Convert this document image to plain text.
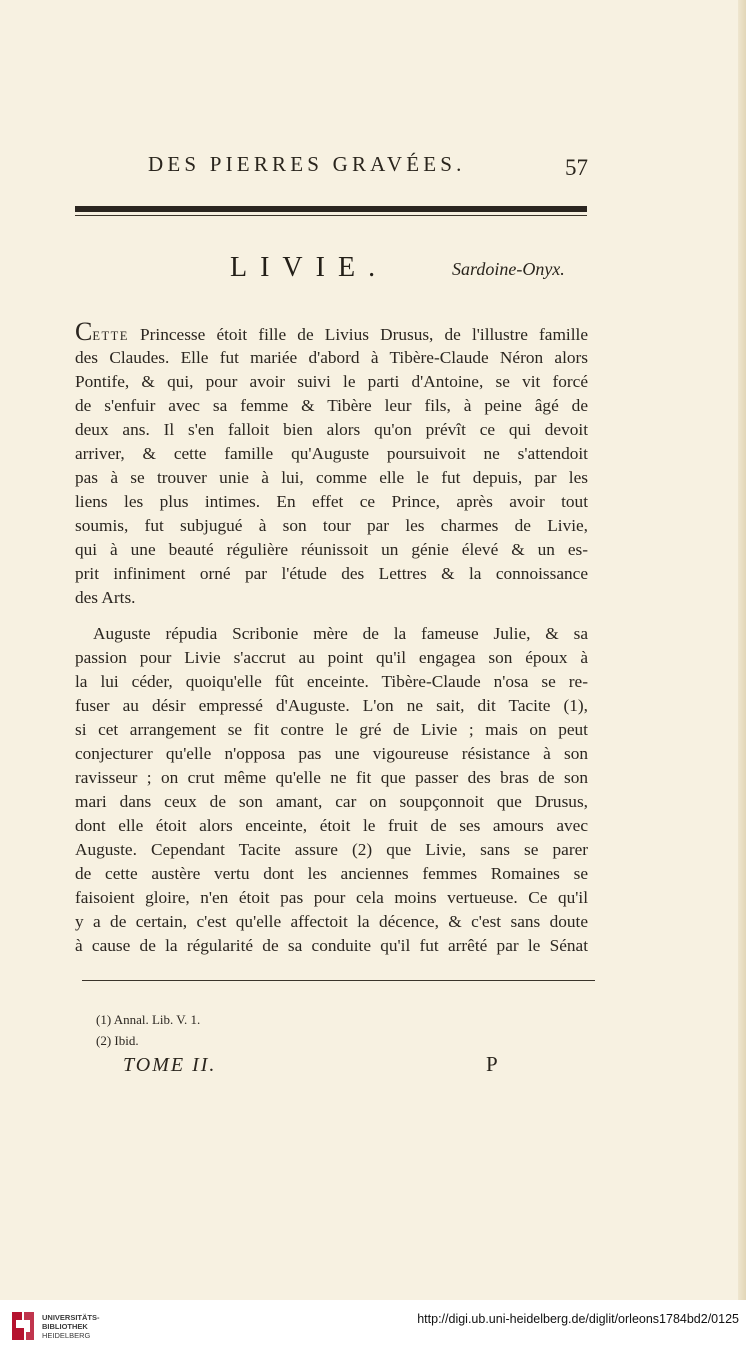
DES PIERRES GRAVÉES.	57
LIVIE.	Sardoine-Onyx.
CETTE Princesse étoit fille de Livius Drusus, de l'illustre famille
des Claudes. Elle fut mariée d'abord à Tibère-Claude Néron alors
Pontife, & qui, pour avoir suivi le parti d'Antoine, se vit forcé
de s'enfuir avec sa femme & Tibère leur fils, à peine âgé de
deux ans. Il s'en falloit bien alors qu'on prévît ce qui devoit
arriver, & cette famille qu'Auguste poursuivoit ne s'attendoit
pas à se trouver unie à lui, comme elle le fut depuis, par les
liens les plus intimes. En effet ce Prince, après avoir tout
soumis, fut subjugué à son tour par les charmes de Livie,
qui à une beauté régulière réunissoit un génie élevé & un es-
prit infiniment orné par l'étude des Lettres & la connoissance
des Arts.
Auguste répudia Scribonie mère de la fameuse Julie, & sa
passion pour Livie s'accrut au point qu'il engagea son époux à
la lui céder, quoiqu'elle fût enceinte. Tibère-Claude n'osa se re-
fuser au désir empressé d'Auguste. L'on ne sait, dit Tacite (1),
si cet arrangement se fit contre le gré de Livie ; mais on peut
conjecturer qu'elle n'opposa pas une vigoureuse résistance à son
ravisseur ; on crut même qu'elle ne fit que passer des bras de son
mari dans ceux de son amant, car on soupçonnoit que Drusus,
dont elle étoit alors enceinte, étoit le fruit de ses amours avec
Auguste. Cependant Tacite assure (2) que Livie, sans se parer
de cette austère vertu dont les anciennes femmes Romaines se
faisoient gloire, n'en étoit pas pour cela moins vertueuse. Ce qu'il
y a de certain, c'est qu'elle affectoit la décence, & c'est sans doute
à cause de la régularité de sa conduite qu'il fut arrêté par le Sénat
(1) Annal. Lib. V. 1.
(2) Ibid.
TOME II.	P
UNIVERSITÄTS-
BIBLIOTHEK
HEIDELBERG
http://digi.ub.uni-heidelberg.de/diglit/orleons1784bd2/0125
